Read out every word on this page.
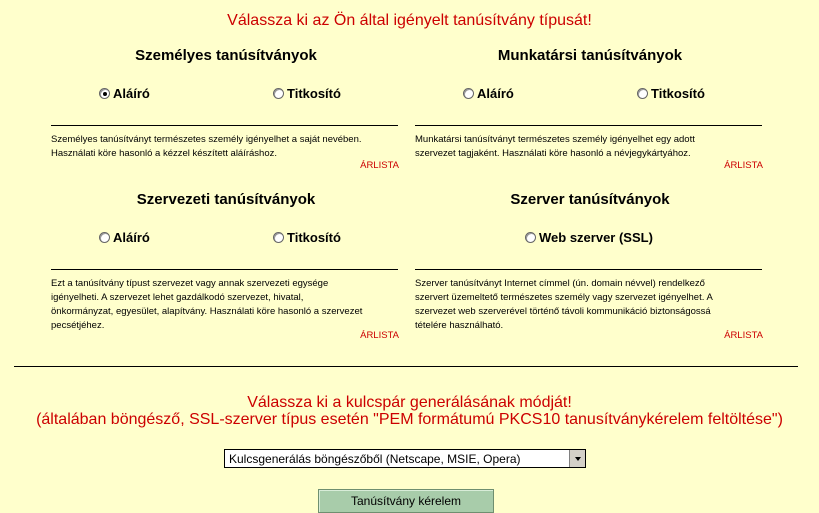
Válassza ki az Ön által igényelt tanúsítvány típusát!
Személyes tanúsítványok
Aláíró	Titkosító
Személyes tanúsítványt természetes személy igényelhet a saját nevében.
Használati köre hasonló a kézzel készített aláíráshoz.
ÁRLISTA
Munkatársi tanúsítványok
Aláíró	Titkosító
Munkatársi tanúsítványt természetes személy igényelhet egy adott
szervezet tagjaként. Használati köre hasonló a névjegykártyához.
ÁRLISTA
Szervezeti tanúsítványok
Aláíró	Titkosító
Ezt a tanúsítvány típust szervezet vagy annak szervezeti egysége
igényelheti. A szervezet lehet gazdálkodó szervezet, hivatal,
önkormányzat, egyesület, alapítvány. Használati köre hasonló a szervezet
pecsétjéhez.
ÁRLISTA
Szerver tanúsítványok
Web szerver (SSL)
Szerver tanúsítványt Internet címmel (ún. domain névvel) rendelkező
szervert üzemeltető természetes személy vagy szervezet igényelhet. A
szervezet web szerverével történő távoli kommunikáció biztonságossá
tételére használható.
ÁRLISTA
Válassza ki a kulcspár generálásának módját!
(általában böngésző, SSL-szerver típus esetén "PEM formátumú PKCS10 tanusítványkérelem feltöltése")
Kulcsgenerálás böngészőből (Netscape, MSIE, Opera)
Tanúsítvány kérelem
